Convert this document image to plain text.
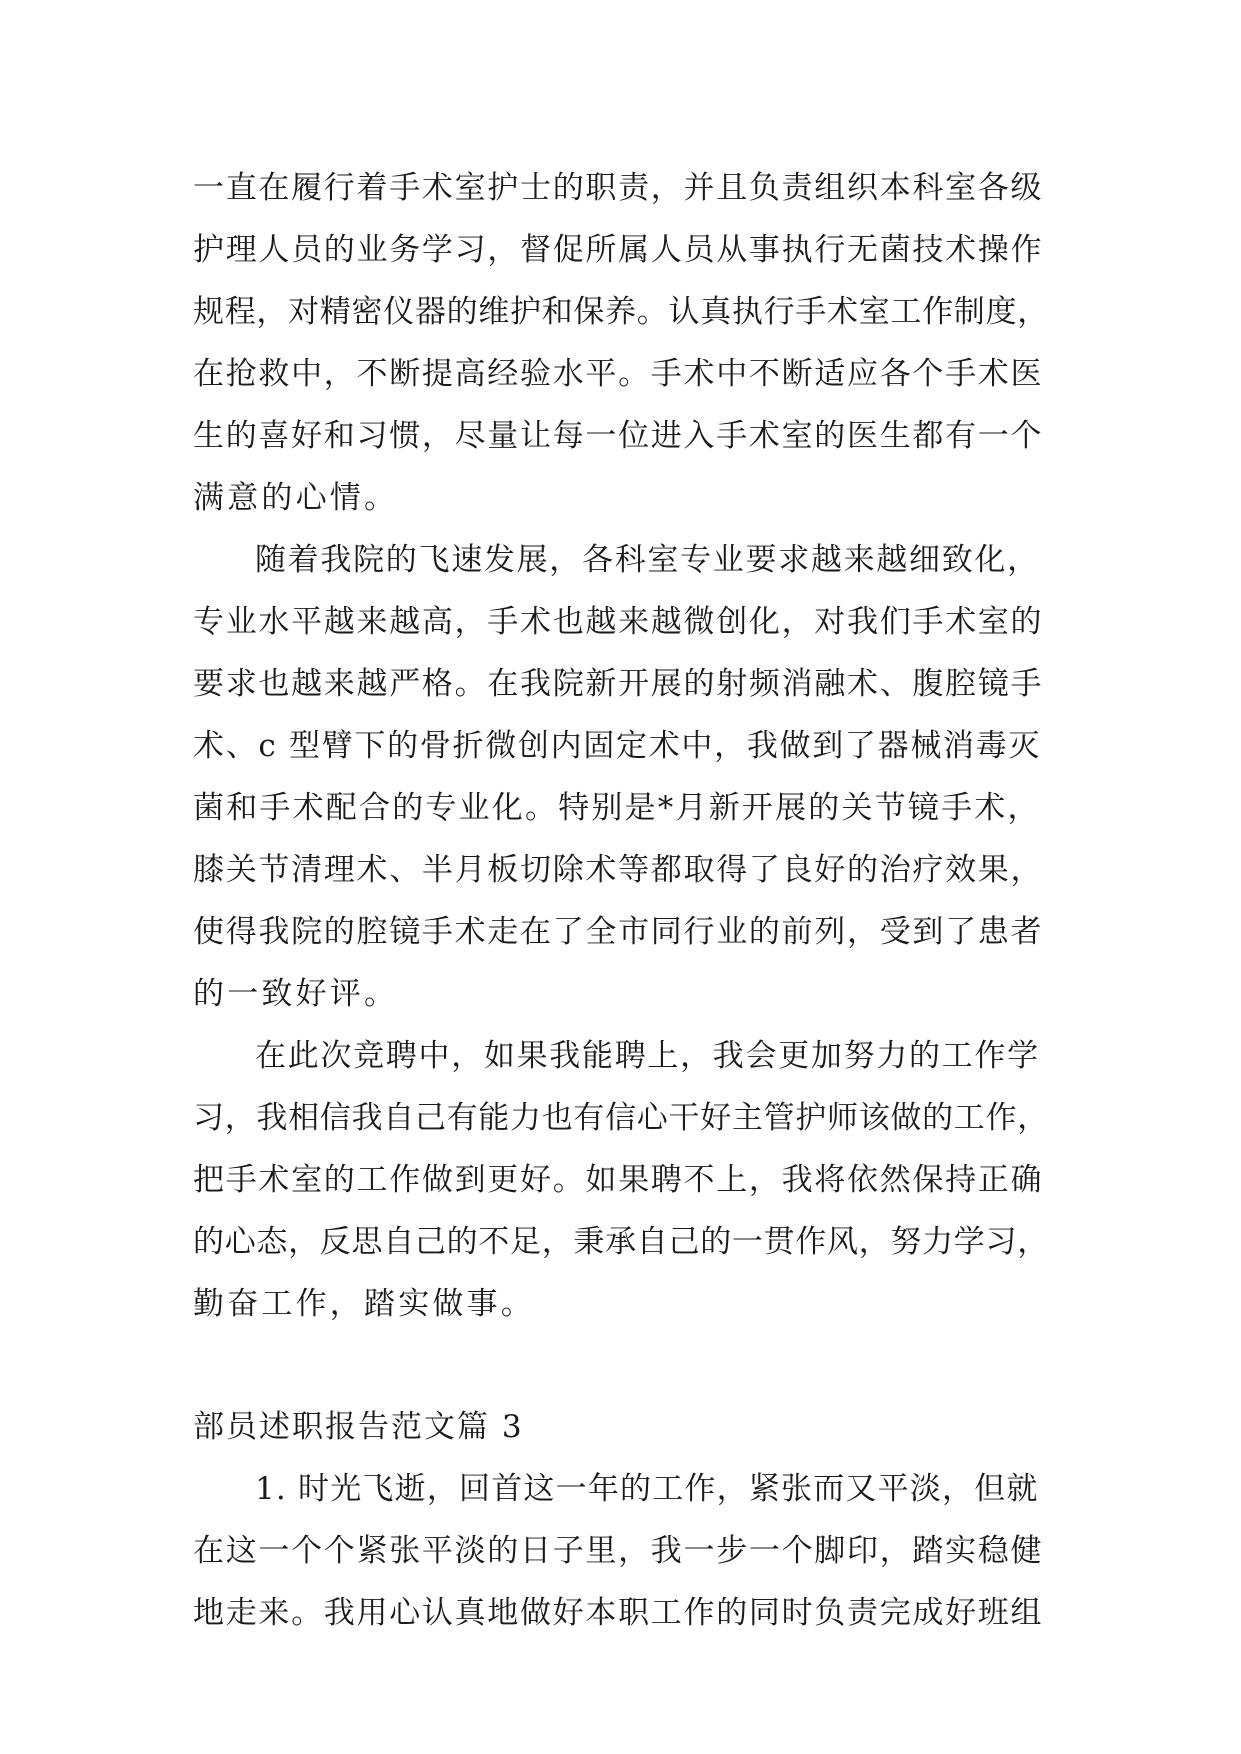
一直在履行着手术室护士的职责，并且负责组织本科室各级
护理人员的业务学习，督促所属人员从事执行无菌技术操作
规程，对精密仪器的维护和保养。认真执行手术室工作制度，
在抢救中，不断提高经验水平。手术中不断适应各个手术医
生的喜好和习惯，尽量让每一位进入手术室的医生都有一个
满意的心情。
随着我院的飞速发展，各科室专业要求越来越细致化，
专业水平越来越高，手术也越来越微创化，对我们手术室的
要求也越来越严格。在我院新开展的射频消融术、腹腔镜手
术、c 型臂下的骨折微创内固定术中，我做到了器械消毒灭
菌和手术配合的专业化。特别是*月新开展的关节镜手术，
膝关节清理术、半月板切除术等都取得了良好的治疗效果，
使得我院的腔镜手术走在了全市同行业的前列，受到了患者
的一致好评。
在此次竞聘中，如果我能聘上，我会更加努力的工作学
习，我相信我自己有能力也有信心干好主管护师该做的工作，
把手术室的工作做到更好。如果聘不上，我将依然保持正确
的心态，反思自己的不足，秉承自己的一贯作风，努力学习，
勤奋工作，踏实做事。
部员述职报告范文篇 3
1. 时光飞逝，回首这一年的工作，紧张而又平淡，但就
在这一个个紧张平淡的日子里，我一步一个脚印，踏实稳健
地走来。我用心认真地做好本职工作的同时负责完成好班组
